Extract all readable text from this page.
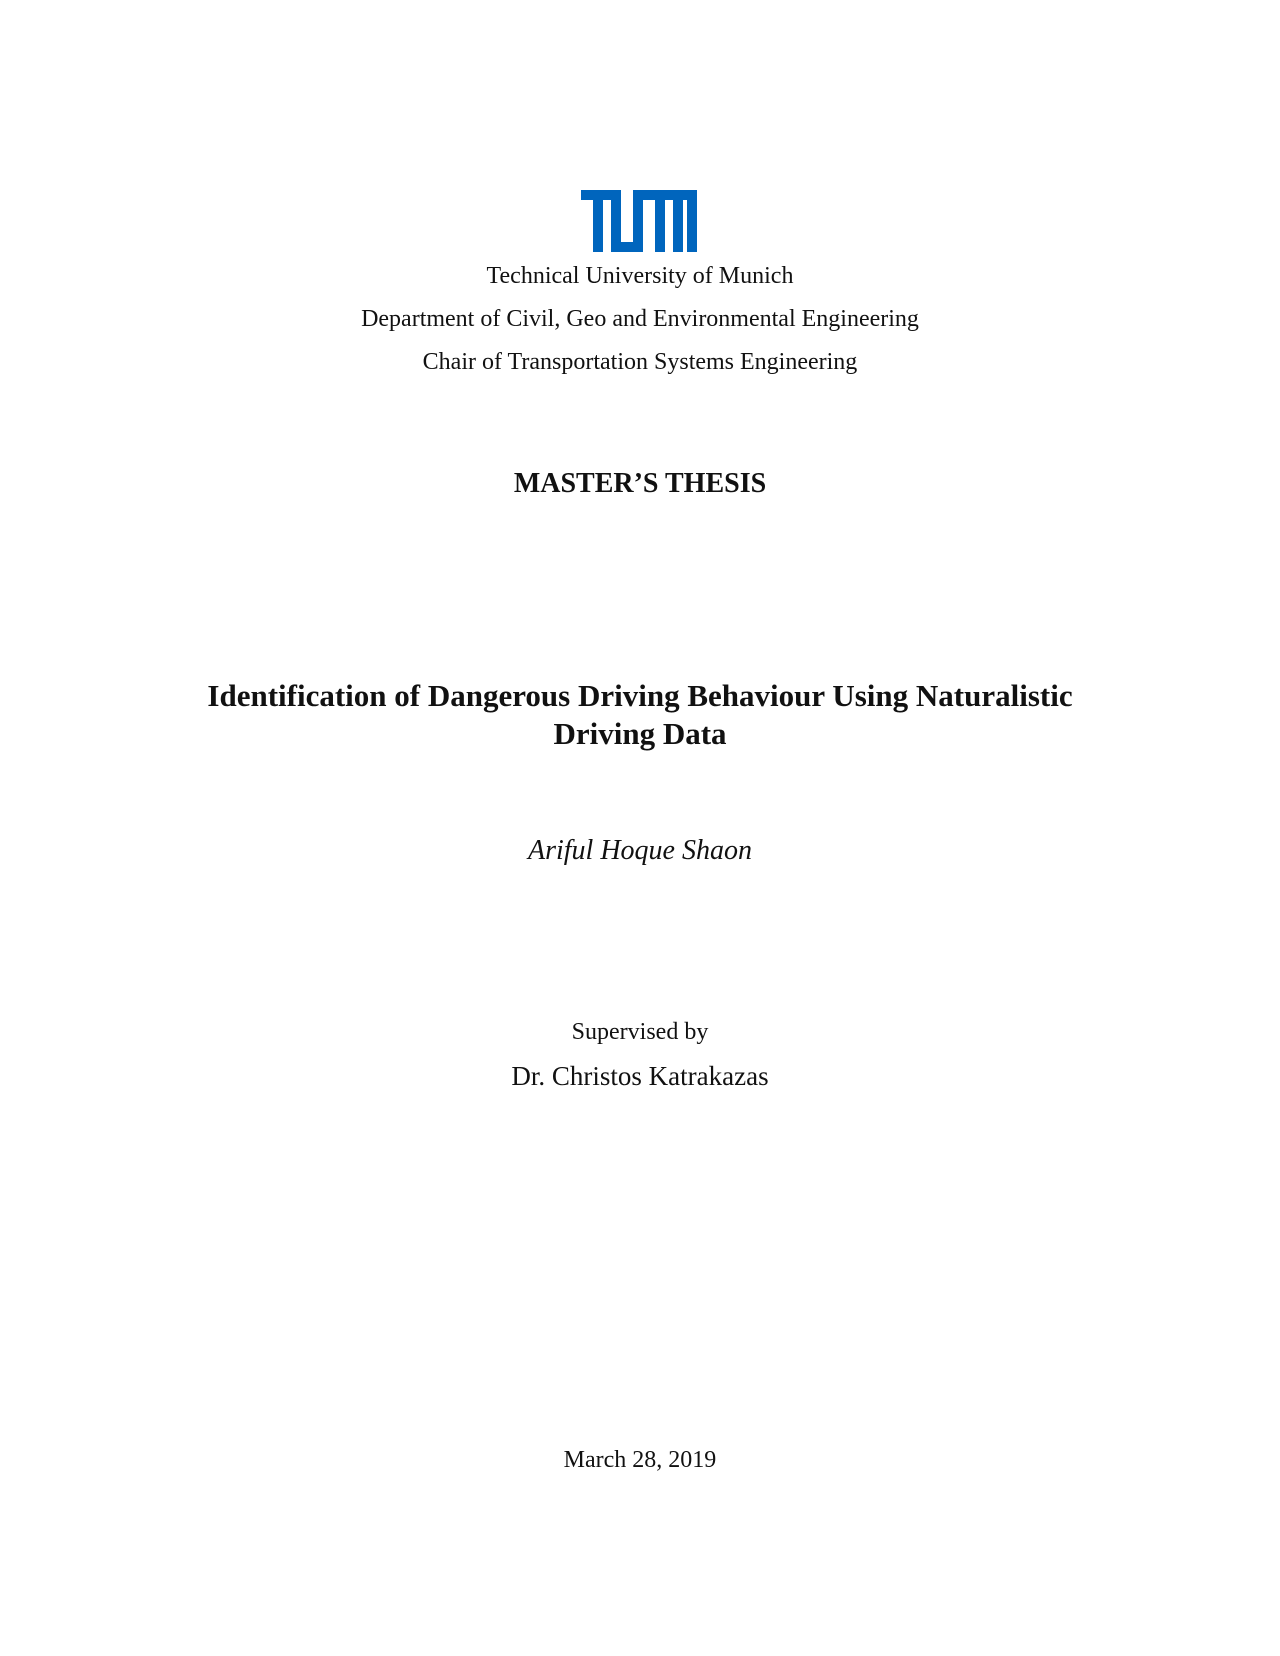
Technical University of Munich
Department of Civil, Geo and Environmental Engineering
Chair of Transportation Systems Engineering
MASTER’S THESIS
Identification of Dangerous Driving Behaviour Using Naturalistic
Driving Data
Ariful Hoque Shaon
Supervised by
Dr. Christos Katrakazas
March 28, 2019
